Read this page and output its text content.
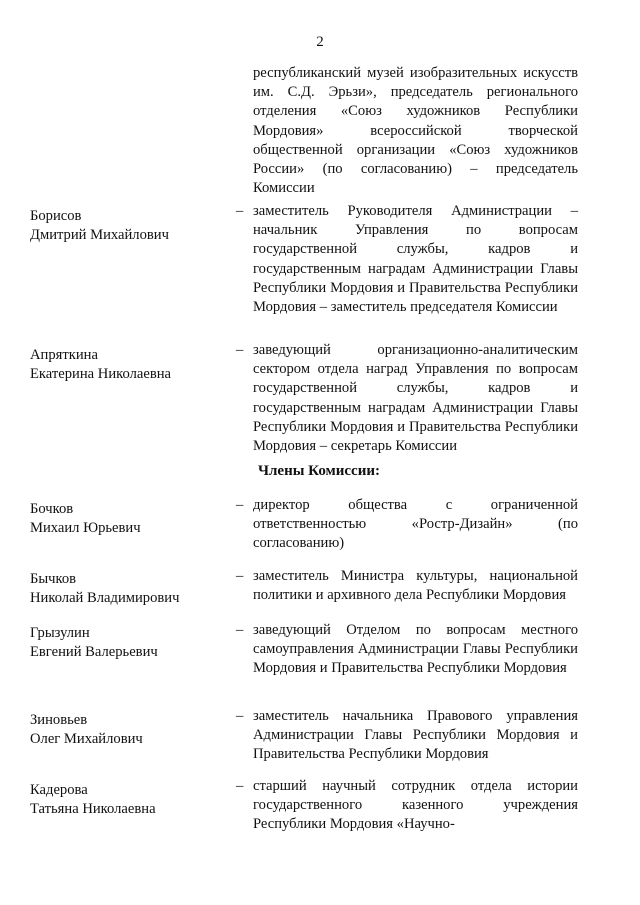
2
республиканский музей изобразительных искусств им. С.Д. Эрьзи», председатель регионального отделения «Союз художников Республики Мордовия» всероссийской творческой общественной организации «Союз художников России» (по согласованию) – председатель Комиссии
Борисов
Дмитрий Михайлович
– заместитель Руководителя Администрации – начальник Управления по вопросам государственной службы, кадров и государственным наградам Администрации Главы Республики Мордовия и Правительства Республики Мордовия – заместитель председателя Комиссии
Апряткина
Екатерина Николаевна
– заведующий организационно-аналитическим сектором отдела наград Управления по вопросам государственной службы, кадров и государственным наградам Администрации Главы Республики Мордовия и Правительства Республики Мордовия – секретарь Комиссии
Члены Комиссии:
Бочков
Михаил Юрьевич
– директор общества с ограниченной ответственностью «Ростр-Дизайн» (по согласованию)
Бычков
Николай Владимирович
– заместитель Министра культуры, национальной политики и архивного дела Республики Мордовия
Грызулин
Евгений Валерьевич
– заведующий Отделом по вопросам местного самоуправления Администрации Главы Республики Мордовия и Правительства Республики Мордовия
Зиновьев
Олег Михайлович
– заместитель начальника Правового управления Администрации Главы Республики Мордовия и Правительства Республики Мордовия
Кадерова
Татьяна Николаевна
– старший научный сотрудник отдела истории государственного казенного учреждения Республики Мордовия «Научно-
